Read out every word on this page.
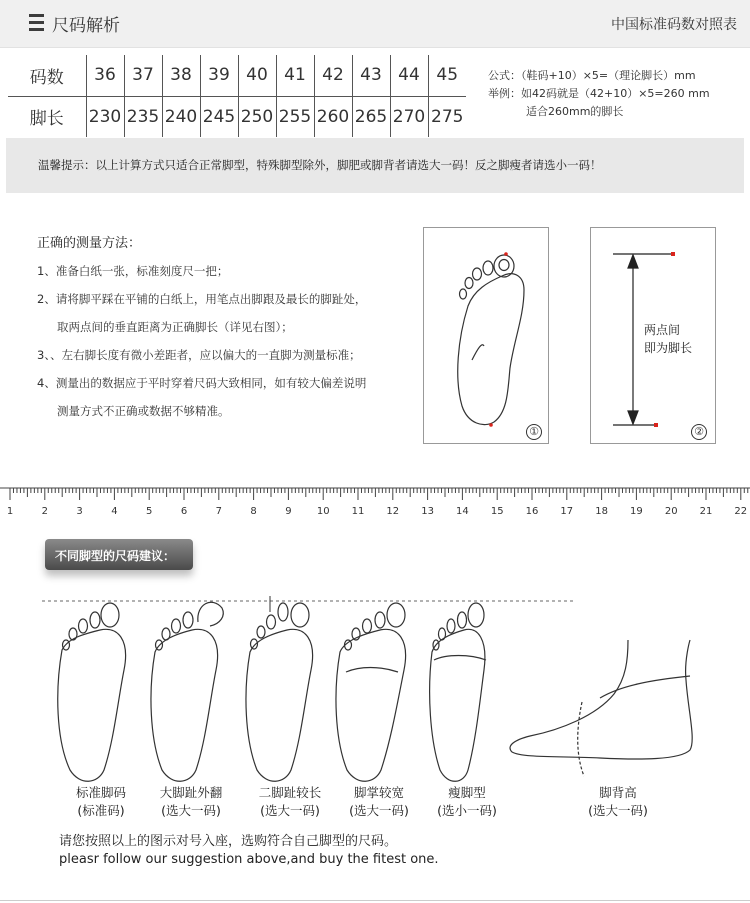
尺码解析	中国标准码数对照表
码数	36	37	38	39	40	41	42	43	44	45
脚长	230	235	240	245	250	255	260	265	270	275
公式：（鞋码+10）×5=（理论脚长）mm
举例：如42码就是（42+10）×5=260 mm
适合260mm的脚长
温馨提示：以上计算方式只适合正常脚型，特殊脚型除外，脚肥或脚背者请选大一码！反之脚瘦者请选小一码！
正确的测量方法：
1、准备白纸一张，标准刻度尺一把；
2、请将脚平踩在平铺的白纸上，用笔点出脚跟及最长的脚趾处，
取两点间的垂直距离为正确脚长（详见右图）；
3、、左右脚长度有微小差距者，应以偏大的一直脚为测量标准；
4、测量出的数据应于平时穿着尺码大致相同，如有较大偏差说明
测量方式不正确或数据不够精准。
①
两点间
即为脚长
②
1	2	3	4	5	6	7	8	9	10 11 12 13 14 15 16 17 18 19 20 21 22
不同脚型的尺码建议：
标准脚码
(标准码)
大脚趾外翻
(选大一码)
二脚趾较长
(选大一码)
脚掌较宽
(选大一码)
瘦脚型
(选小一码)
脚背高
(选大一码)
请您按照以上的图示对号入座，选购符合自己脚型的尺码。
pleasr follow our suggestion above,and buy the fitest one.
